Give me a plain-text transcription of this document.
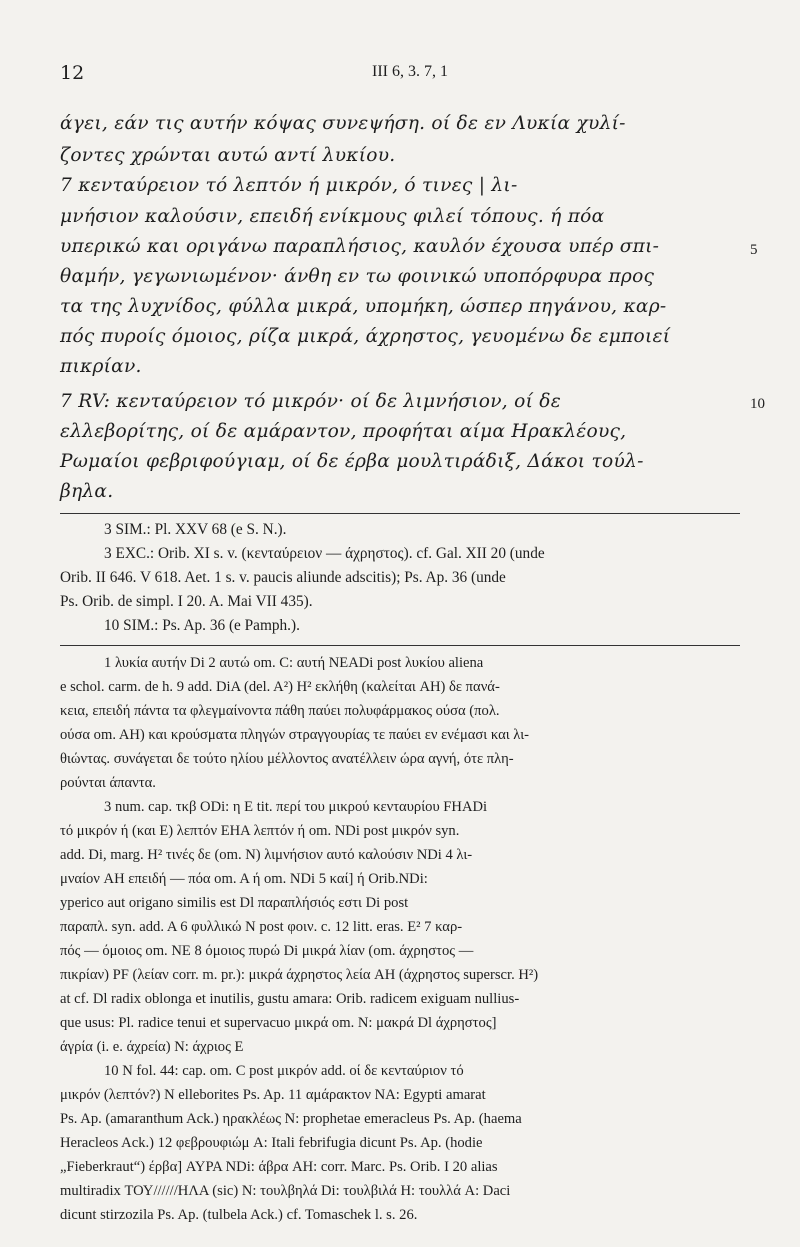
12	III 6, 3. 7, 1
άγει, εάν τις αυτήν κόψας συνεψήση. οί δε εν Λυκία χυλί-
ζοντες χρώνται αυτώ αντί λυκίου.
7 κενταύρειον τό λεπτόν ή μικρόν, ό τινες | λι-
μνήσιον καλούσιν, επειδή ενίκμους φιλεί τόπους. ή πόα
υπερικώ και οριγάνω παραπλήσιος, καυλόν έχουσα υπέρ σπι-
θαμήν, γεγωνιωμένον· άνθη εν τω φοινικώ υποπόρφυρα προς
τα της λυχνίδος, φύλλα μικρά, υπομήκη, ώσπερ πηγάνου, καρ-
πός πυροίς όμοιος, ρίζα μικρά, άχρηστος, γευομένω δε εμποιεί
πικρίαν.
5
7 RV: κενταύρειον τό μικρόν· οί δε λιμνήσιον, οί δε
ελλεβορίτης, οί δε αμάραντον, προφήται αίμα Ηρακλέους,
Ρωμαίοι φεβριφούγιαμ, οί δε έρβα μουλτιράδιξ, Δάκοι τούλ-
βηλα.
10
3 SIM.: Pl. XXV 68 (e S. N.).
3 EXC.: Orib. XI s. v. (κενταύρειον — άχρηστος). cf. Gal. XII 20 (unde
Orib. II 646. V 618. Aet. 1 s. v. paucis aliunde adscitis); Ps. Ap. 36 (unde
Ps. Orib. de simpl. I 20. A. Mai VII 435).
10 SIM.: Ps. Ap. 36 (e Pamph.).
1 λυκία αυτήν Di 2 αυτώ om. C: αυτή NEADi post λυκίου aliena
e schol. carm. de h. 9 add. DiA (del. A²) H² εκλήθη (καλείται AH) δε πανά-
κεια, επειδή πάντα τα φλεγμαίνοντα πάθη παύει πολυφάρμακος ούσα (πολ.
ούσα om. AH) και κρούσματα πληγών στραγγουρίας τε παύει εν ενέμασι και λι-
θιώντας. συνάγεται δε τούτο ηλίου μέλλοντος ανατέλλειν ώρα αγνή, ότε πλη-
ρούνται άπαντα.
3 num. cap. τκβ ODi: η E tit. περί του μικρού κενταυρίου FHADi
τό μικρόν ή (και E) λεπτόν EHA λεπτόν ή om. NDi post μικρόν syn.
add. Di, marg. H² τινές δε (om. N) λιμνήσιον αυτό καλούσιν NDi 4 λι-
μναίον AH επειδή — πόα om. A ή om. NDi 5 καί] ή Orib.NDi:
yperico aut origano similis est Dl παραπλήσιός εστι Di post
παραπλ. syn. add. A 6 φυλλικώ N post φοιν. c. 12 litt. eras. E² 7 καρ-
πός — όμοιος om. NE 8 όμοιος πυρώ Di μικρά λίαν (om. άχρηστος —
πικρίαν) PF (λείαν corr. m. pr.): μικρά άχρηστος λεία AH (άχρηστος superscr. H²)
at cf. Dl radix oblonga et inutilis, gustu amara: Orib. radicem exiguam nullius-
que usus: Pl. radice tenui et supervacuo μικρά om. N: μακρά Dl άχρηστος]
άγρία (i. e. άχρεία) N: άχριος E
10 N fol. 44: cap. om. C post μικρόν add. οί δε κενταύριον τό
μικρόν (λεπτόν?) N elleborites Ps. Ap. 11 αμάρακτον NA: Egypti amarat
Ps. Ap. (amaranthum Ack.) ηρακλέως N: prophetae emeracleus Ps. Ap. (haema
Heracleos Ack.) 12 φεβρουφιώμ A: Itali febrifugia dicunt Ps. Ap. (hodie
„Fieberkraut“) έρβα] AYPA NDi: άβρα AH: corr. Marc. Ps. Orib. I 20 alias
multiradix ΤΟΥ//////ΗΛΑ (sic) N: τουλβηλά Di: τουλβιλά H: τουλλά A: Daci
dicunt stirzozila Ps. Ap. (tulbela Ack.) cf. Tomaschek l. s. 26.
